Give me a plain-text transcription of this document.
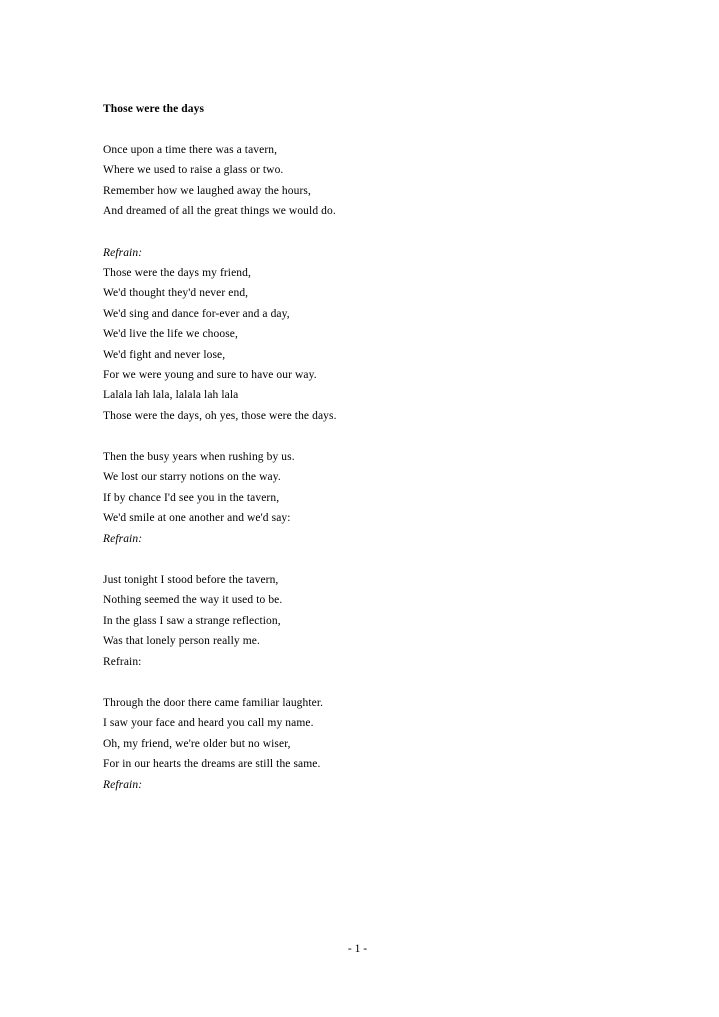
Those were the days
Once upon a time there was a tavern,
Where we used to raise a glass or two.
Remember how we laughed away the hours,
And dreamed of all the great things we would do.
Refrain:
Those were the days my friend,
We'd thought they'd never end,
We'd sing and dance for-ever and a day,
We'd live the life we choose,
We'd fight and never lose,
For we were young and sure to have our way.
Lalala lah lala, lalala lah lala
Those were the days, oh yes, those were the days.
Then the busy years when rushing by us.
We lost our starry notions on the way.
If by chance I'd see you in the tavern,
We'd smile at one another and we'd say:
Refrain:
Just tonight I stood before the tavern,
Nothing seemed the way it used to be.
In the glass I saw a strange reflection,
Was that lonely person really me.
Refrain:
Through the door there came familiar laughter.
I saw your face and heard you call my name.
Oh, my friend, we're older but no wiser,
For in our hearts the dreams are still the same.
Refrain:
- 1 -
